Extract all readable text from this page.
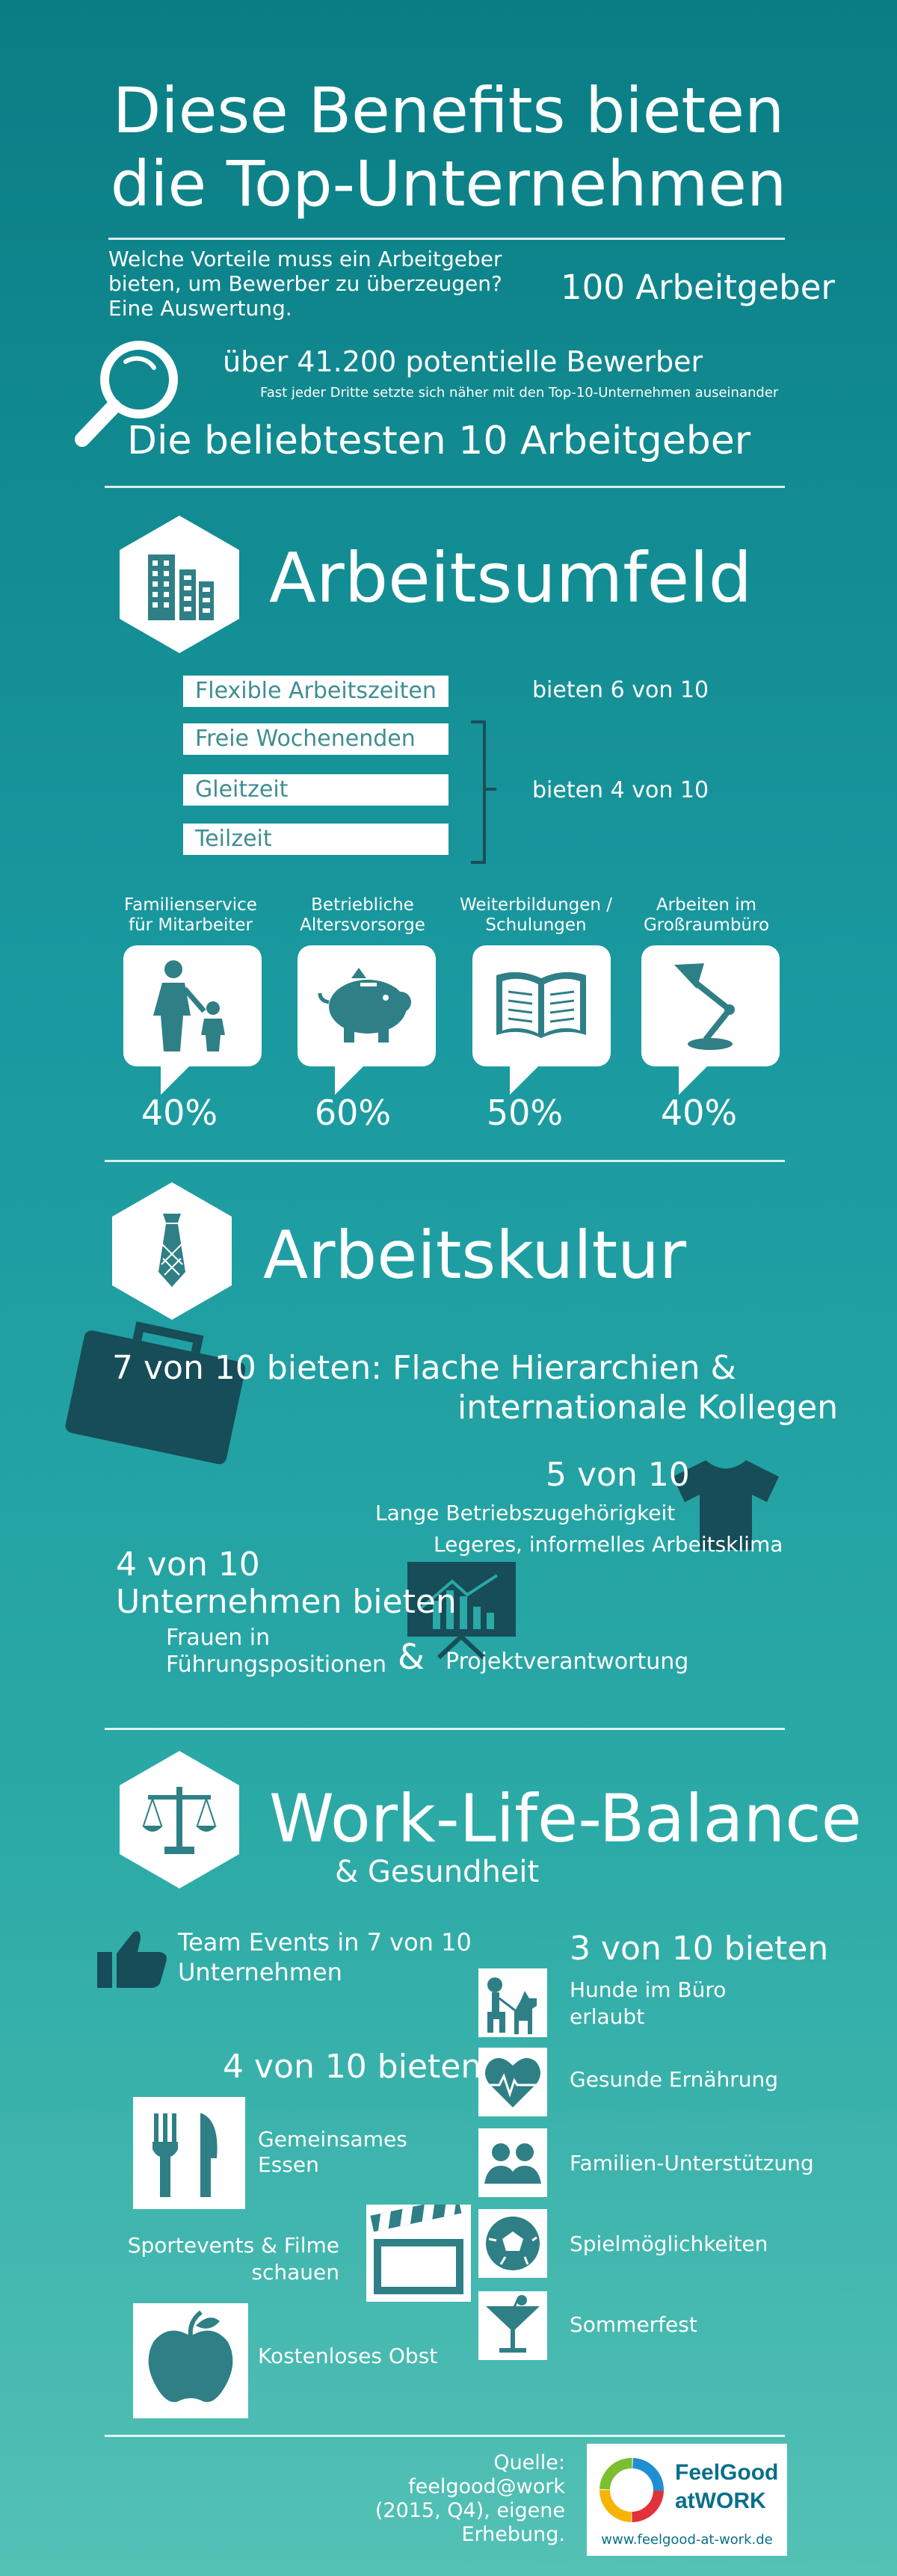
Diese Benefits bieten
die Top-Unternehmen
Welche Vorteile muss ein Arbeitgeber bieten, um Bewerber zu überzeugen? Eine Auswertung.
100 Arbeitgeber
über 41.200 potentielle Bewerber
Fast jeder Dritte setzte sich näher mit den Top-10-Unternehmen auseinander
Die beliebtesten 10 Arbeitgeber
Arbeitsumfeld
Flexible Arbeitszeiten
Freie Wochenenden
Gleitzeit
Teilzeit
bieten 6 von 10
bieten 4 von 10
Familienservice für Mitarbeiter
Betriebliche Altersvorsorge
Weiterbildungen / Schulungen
Arbeiten im Großraumbüro
40%	60%	50%	40%
Arbeitskultur
7 von 10 bieten: Flache Hierarchien &
internationale Kollegen
5 von 10
Lange Betriebszugehörigkeit
Legeres, informelles Arbeitsklima
4 von 10
Unternehmen bieten
Frauen in
Führungspositionen & Projektverantwortung
Work-Life-Balance
& Gesundheit
Team Events in 7 von 10
Unternehmen
3 von 10 bieten
Hunde im Büro
erlaubt
Gesunde Ernährung
Familien-Unterstützung
Spielmöglichkeiten
Sommerfest
4 von 10 bieten
Gemeinsames
Essen
Sportevents & Filme
schauen
Kostenloses Obst
Quelle:
feelgood@work
(2015, Q4), eigene
Erhebung.
FeelGood
atWORK
www.feelgood-at-work.de
